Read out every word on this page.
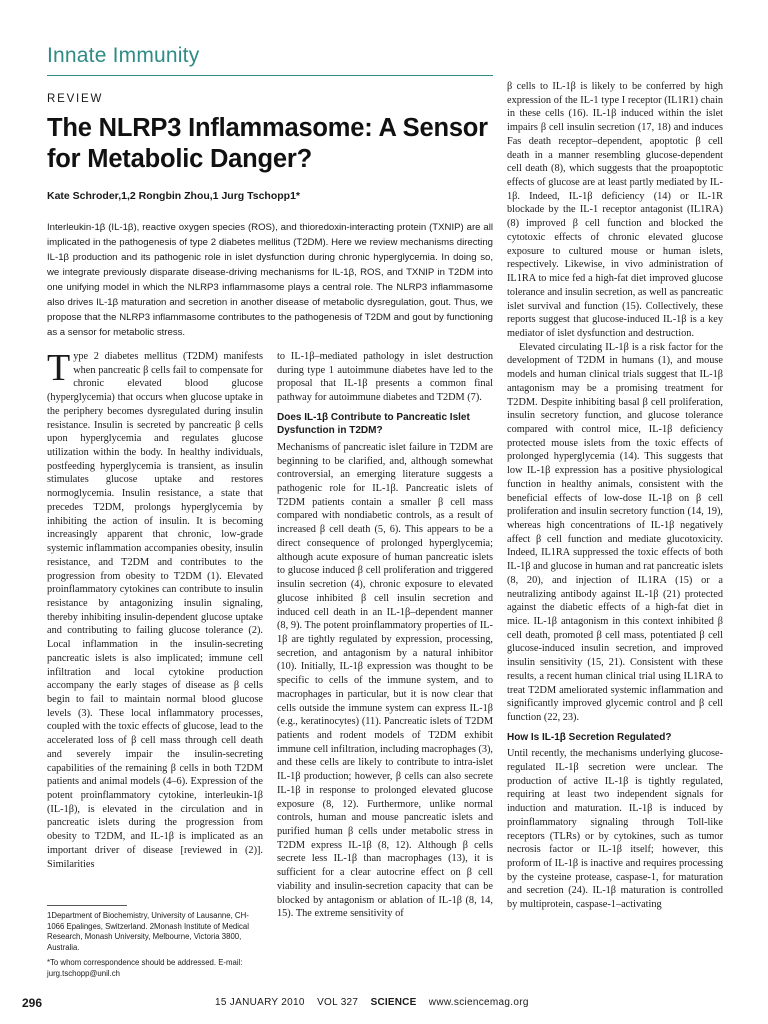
Innate Immunity
REVIEW
The NLRP3 Inflammasome: A Sensor for Metabolic Danger?
Kate Schroder,1,2 Rongbin Zhou,1 Jurg Tschopp1*
Interleukin-1β (IL-1β), reactive oxygen species (ROS), and thioredoxin-interacting protein (TXNIP) are all implicated in the pathogenesis of type 2 diabetes mellitus (T2DM). Here we review mechanisms directing IL-1β production and its pathogenic role in islet dysfunction during chronic hyperglycemia. In doing so, we integrate previously disparate disease-driving mechanisms for IL-1β, ROS, and TXNIP in T2DM into one unifying model in which the NLRP3 inflammasome plays a central role. The NLRP3 inflammasome also drives IL-1β maturation and secretion in another disease of metabolic dysregulation, gout. Thus, we propose that the NLRP3 inflammasome contributes to the pathogenesis of T2DM and gout by functioning as a sensor for metabolic stress.

Type 2 diabetes mellitus (T2DM) manifests when pancreatic β cells fail to compensate for chronic elevated blood glucose (hyperglycemia) that occurs when glucose uptake in the periphery becomes dysregulated during insulin resistance. Insulin is secreted by pancreatic β cells upon hyperglycemia and regulates glucose utilization within the body. In healthy individuals, postfeeding hyperglycemia is transient, as insulin stimulates glucose uptake and restores normoglycemia. Insulin resistance, a state that precedes T2DM, prolongs hyperglycemia by inhibiting the action of insulin. It is becoming increasingly apparent that chronic, low-grade systemic inflammation accompanies obesity, insulin resistance, and T2DM and contributes to the progression from obesity to T2DM (1). Elevated proinflammatory cytokines can contribute to insulin resistance by antagonizing insulin signaling, thereby inhibiting insulin-dependent glucose uptake and contributing to failing glucose tolerance (2). Local inflammation in the insulin-secreting pancreatic islets is also implicated; immune cell infiltration and local cytokine production accompany the early stages of disease as β cells begin to fail to maintain normal blood glucose levels (3). These local inflammatory processes, coupled with the toxic effects of glucose, lead to the accelerated loss of β cell mass through cell death and severely impair the insulin-secreting capabilities of the remaining β cells in both T2DM patients and animal models (4–6). Expression of the potent proinflammatory cytokine, interleukin-1β (IL-1β), is elevated in the circulation and in pancreatic islets during the progression from obesity to T2DM, and IL-1β is implicated as an important driver of disease [reviewed in (2)]. Similarities

to IL-1β–mediated pathology in islet destruction during type 1 autoimmune diabetes have led to the proposal that IL-1β presents a common final pathway for autoimmune diabetes and T2DM (7).

Does IL-1β Contribute to Pancreatic Islet Dysfunction in T2DM?

Mechanisms of pancreatic islet failure in T2DM are beginning to be clarified, and, although somewhat controversial, an emerging literature suggests a pathogenic role for IL-1β. Pancreatic islets of T2DM patients contain a smaller β cell mass compared with nondiabetic controls, as a result of increased β cell death (5, 6). This appears to be a direct consequence of prolonged hyperglycemia; although acute exposure of human pancreatic islets to glucose induced β cell proliferation and triggered insulin secretion (4), chronic exposure to elevated glucose inhibited β cell insulin secretion and induced cell death in an IL-1β–dependent manner (8, 9). The potent proinflammatory properties of IL-1β are tightly regulated by expression, processing, secretion, and antagonism by a natural inhibitor (10). Initially, IL-1β expression was thought to be specific to cells of the immune system, and to macrophages in particular, but it is now clear that cells outside the immune system can express IL-1β (e.g., keratinocytes) (11). Pancreatic islets of T2DM patients and rodent models of T2DM exhibit immune cell infiltration, including macrophages (3), and these cells are likely to contribute to intra-islet IL-1β production; however, β cells can also secrete IL-1β in response to prolonged elevated glucose exposure (8, 12). Furthermore, unlike normal controls, human and mouse pancreatic islets and purified human β cells under metabolic stress in T2DM express IL-1β (8, 12). Although β cells secrete less IL-1β than macrophages (13), it is sufficient for a clear autocrine effect on β cell viability and insulin-secretion capacity that can be blocked by antagonism or ablation of IL-1β (8, 14, 15). The extreme sensitivity of

β cells to IL-1β is likely to be conferred by high expression of the IL-1 type I receptor (IL1R1) chain in these cells (16). IL-1β induced within the islet impairs β cell insulin secretion (17, 18) and induces Fas death receptor–dependent, apoptotic β cell death in a manner resembling glucose-dependent cell death (8), which suggests that the proapoptotic effects of glucose are at least partly mediated by IL-1β. Indeed, IL-1β deficiency (14) or IL-1R blockade by the IL-1 receptor antagonist (IL1RA) (8) improved β cell function and blocked the cytotoxic effects of chronic elevated glucose exposure to cultured mouse or human islets, respectively. Likewise, in vivo administration of IL1RA to mice fed a high-fat diet improved glucose tolerance and insulin secretion, as well as pancreatic islet survival and function (15). Collectively, these reports suggest that glucose-induced IL-1β is a key mediator of islet dysfunction and destruction.

Elevated circulating IL-1β is a risk factor for the development of T2DM in humans (1), and mouse models and human clinical trials suggest that IL-1β antagonism may be a promising treatment for T2DM. Despite inhibiting basal β cell proliferation, insulin secretory function, and glucose tolerance compared with control mice, IL-1β deficiency protected mouse islets from the toxic effects of prolonged hyperglycemia (14). This suggests that low IL-1β expression has a positive physiological function in healthy animals, consistent with the beneficial effects of low-dose IL-1β on β cell proliferation and insulin secretory function (14, 19), whereas high concentrations of IL-1β negatively affect β cell function and mediate glucotoxicity. Indeed, IL1RA suppressed the toxic effects of both IL-1β and glucose in human and rat pancreatic islets (8, 20), and injection of IL1RA (15) or a neutralizing antibody against IL-1β (21) protected against the diabetic effects of a high-fat diet in mice. IL-1β antagonism in this context inhibited β cell death, promoted β cell mass, potentiated β cell glucose-induced insulin secretion, and improved insulin sensitivity (15, 21). Consistent with these results, a recent human clinical trial using IL1RA to treat T2DM ameliorated systemic inflammation and significantly improved glycemic control and β cell function (22, 23).

How Is IL-1β Secretion Regulated?

Until recently, the mechanisms underlying glucose-regulated IL-1β secretion were unclear. The production of active IL-1β is tightly regulated, requiring at least two independent signals for induction and maturation. IL-1β is induced by proinflammatory signaling through Toll-like receptors (TLRs) or by cytokines, such as tumor necrosis factor or IL-1β itself; however, this proform of IL-1β is inactive and requires processing by the cysteine protease, caspase-1, for maturation and secretion (24). IL-1β maturation is controlled by multiprotein, caspase-1–activating

1Department of Biochemistry, University of Lausanne, CH-1066 Epalinges, Switzerland. 2Monash Institute of Medical Research, Monash University, Melbourne, Victoria 3800, Australia.

*To whom correspondence should be addressed. E-mail: jurg.tschopp@unil.ch

296	15 JANUARY 2010 VOL 327 SCIENCE www.sciencemag.org
